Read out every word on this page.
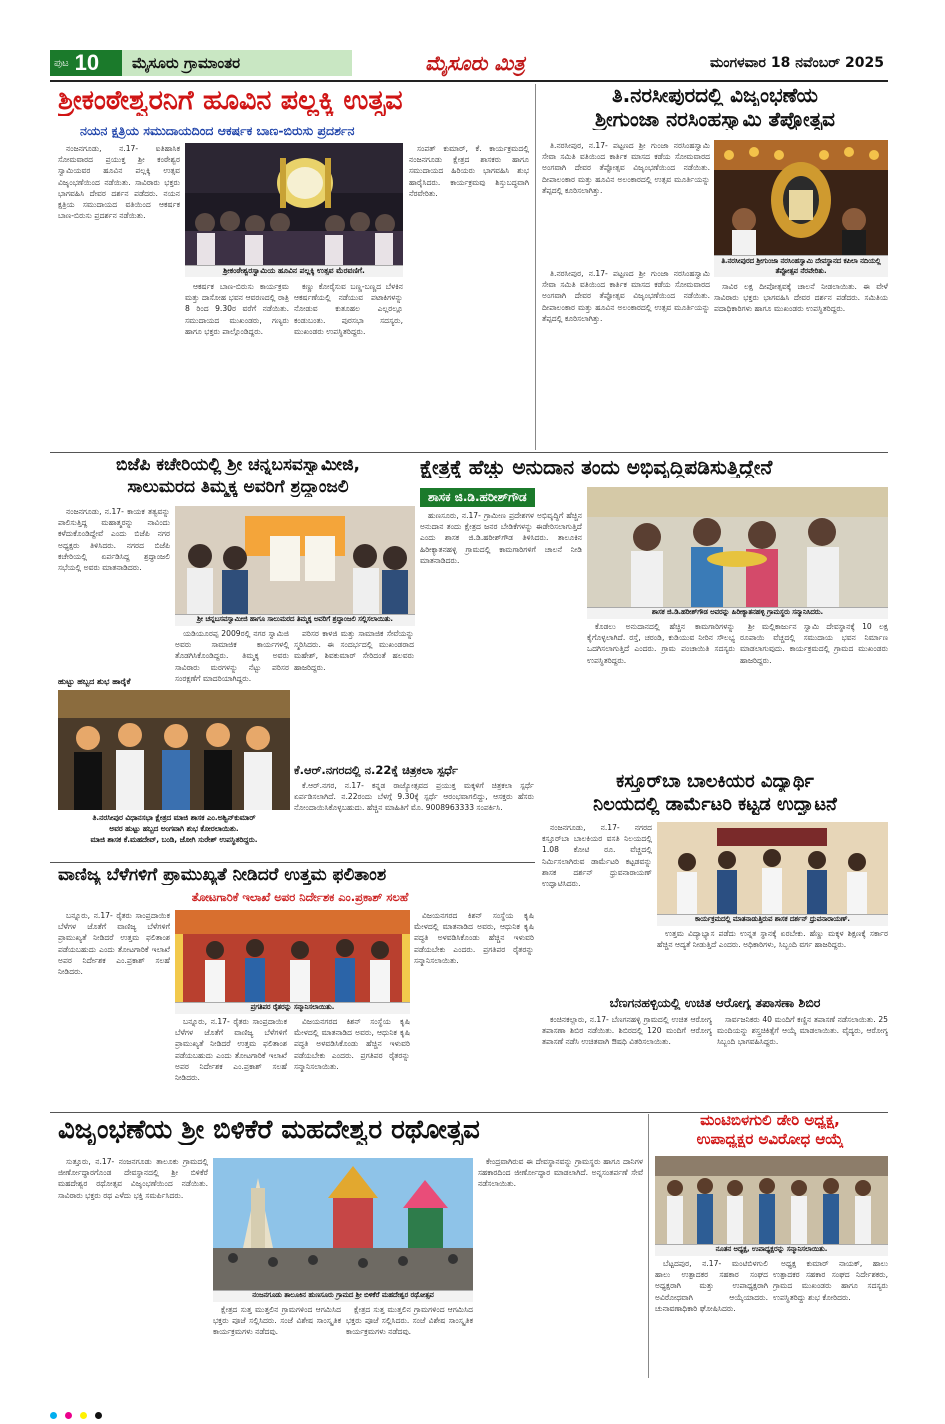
ಪುಟ 10	ಮೈಸೂರು ಗ್ರಾಮಾಂತರ	ಮೈಸೂರು ಮಿತ್ರ	ಮಂಗಳವಾರ 18 ನವೆಂಬರ್ 2025
ಶ್ರೀಕಂಠೇಶ್ವರನಿಗೆ ಹೂವಿನ ಪಲ್ಲಕ್ಕಿ ಉತ್ಸವ
ನಯನ ಕ್ಷತ್ರಿಯ ಸಮುದಾಯದಿಂದ ಆಕರ್ಷಕ ಬಾಣ-ಬಿರುಸು ಪ್ರದರ್ಶನ

ನಂಜನಗೂಡು, ನ.17- ಐತಿಹಾಸಿಕ ಸೋಮವಾರದ ಪ್ರಯುಕ್ತ ಶ್ರೀ ಕಂಠೇಶ್ವರ ಸ್ವಾಮಿಯವರ ಹೂವಿನ ಪಲ್ಲಕ್ಕಿ ಉತ್ಸವ ವಿಜೃಂಭಣೆಯಿಂದ ನಡೆಯಿತು. ಸಾವಿರಾರು ಭಕ್ತರು ಭಾಗವಹಿಸಿ ದೇವರ ದರ್ಶನ ಪಡೆದರು. ನಯನ ಕ್ಷತ್ರಿಯ ಸಮುದಾಯದ ವತಿಯಿಂದ ಆಕರ್ಷಕ ಬಾಣ-ಬಿರುಸು ಪ್ರದರ್ಶನ ನಡೆಯಿತು.

ಶ್ರೀಕಂಠೇಶ್ವರಸ್ವಾಮಿಯ ಹೂವಿನ ಪಲ್ಲಕ್ಕಿ ಉತ್ಸವ ಮೆರವಣಿಗೆ.

ಆಕರ್ಷಕ ಬಾಣ-ಬಿರುಸು ಕಾರ್ಯಕ್ರಮ ಮತ್ತು ದಾಸೋಹ ಭವನ ಆವರಣದಲ್ಲಿ ರಾತ್ರಿ 8 ರಿಂದ 9.30ರ ವರೆಗೆ ನಡೆಯಿತು. ಸಮುದಾಯದ ಮುಖಂಡರು, ಗಣ್ಯರು ಹಾಗೂ ಭಕ್ತರು ಪಾಲ್ಗೊಂಡಿದ್ದರು.

ಕಣ್ಣು ಕೋರೈಸುವ ಬಣ್ಣ-ಬಣ್ಣದ ಬೆಳಕಿನ ಆಕರ್ಷಣೆಯಲ್ಲಿ ನಡೆಯುವ ಪಟಾಕಿಗಳನ್ನು ನೋಡುವ ಕುತೂಹಲ ಎಲ್ಲರಲ್ಲೂ ಕಂಡುಬಂತು. ಪುರಸಭಾ ಸದಸ್ಯರು, ಮುಖಂಡರು ಉಪಸ್ಥಿತರಿದ್ದರು.

ಸಂಪತ್ ಕುಮಾರ್, ಕೆ. ಕಾರ್ಯಕ್ರಮದಲ್ಲಿ ನಂಜನಗೂಡು ಕ್ಷೇತ್ರದ ಶಾಸಕರು ಹಾಗೂ ಸಮುದಾಯದ ಹಿರಿಯರು ಭಾಗವಹಿಸಿ ಶುಭ ಹಾರೈಸಿದರು. ಕಾರ್ಯಕ್ರಮವು ಶಿಸ್ತುಬದ್ಧವಾಗಿ ನೆರವೇರಿತು.

ತಿ.ನರಸೀಪುರದಲ್ಲಿ ವಿಜೃಂಭಣೆಯ
ಶ್ರೀಗುಂಜಾ ನರಸಿಂಹಸ್ವಾಮಿ ತೆಪ್ಪೋತ್ಸವ

ತಿ.ನರಸೀಪುರ, ನ.17- ಪಟ್ಟಣದ ಶ್ರೀ ಗುಂಜಾ ನರಸಿಂಹಸ್ವಾಮಿ ಸೇವಾ ಸಮಿತಿ ವತಿಯಿಂದ ಕಾರ್ತಿಕ ಮಾಸದ ಕಡೆಯ ಸೋಮವಾರದ ಅಂಗವಾಗಿ ದೇವರ ತೆಪ್ಪೋತ್ಸವ ವಿಜೃಂಭಣೆಯಿಂದ ನಡೆಯಿತು. ದೀಪಾಲಂಕಾರ ಮತ್ತು ಹೂವಿನ ಅಲಂಕಾರದಲ್ಲಿ ಉತ್ಸವ ಮೂರ್ತಿಯನ್ನು ತೆಪ್ಪದಲ್ಲಿ ಕೂರಿಸಲಾಗಿತ್ತು.

ತಿ.ನರಸೀಪುರದ ಶ್ರೀಗುಂಜಾ ನರಸಿಂಹಸ್ವಾಮಿ ದೇವಸ್ಥಾನದ ಕಪಿಲಾ ನದಿಯಲ್ಲಿ ತೆಪ್ಪೋತ್ಸವ ನೆರವೇರಿತು.

ತಿ.ನರಸೀಪುರ, ನ.17- ಪಟ್ಟಣದ ಶ್ರೀ ಗುಂಜಾ ನರಸಿಂಹಸ್ವಾಮಿ ಸೇವಾ ಸಮಿತಿ ವತಿಯಿಂದ ಕಾರ್ತಿಕ ಮಾಸದ ಕಡೆಯ ಸೋಮವಾರದ ಅಂಗವಾಗಿ ದೇವರ ತೆಪ್ಪೋತ್ಸವ ವಿಜೃಂಭಣೆಯಿಂದ ನಡೆಯಿತು. ದೀಪಾಲಂಕಾರ ಮತ್ತು ಹೂವಿನ ಅಲಂಕಾರದಲ್ಲಿ ಉತ್ಸವ ಮೂರ್ತಿಯನ್ನು ತೆಪ್ಪದಲ್ಲಿ ಕೂರಿಸಲಾಗಿತ್ತು.

ಸಾವಿರ ಲಕ್ಷ ದೀಪೋತ್ಸವಕ್ಕೆ ಚಾಲನೆ ನೀಡಲಾಯಿತು. ಈ ವೇಳೆ ಸಾವಿರಾರು ಭಕ್ತರು ಭಾಗವಹಿಸಿ ದೇವರ ದರ್ಶನ ಪಡೆದರು. ಸಮಿತಿಯ ಪದಾಧಿಕಾರಿಗಳು ಹಾಗೂ ಮುಖಂಡರು ಉಪಸ್ಥಿತರಿದ್ದರು.

ಬಿಜೆಪಿ ಕಚೇರಿಯಲ್ಲಿ ಶ್ರೀ ಚನ್ನಬಸವಸ್ವಾಮೀಜಿ,
ಸಾಲುಮರದ ತಿಮ್ಮಕ್ಕ ಅವರಿಗೆ ಶ್ರದ್ಧಾಂಜಲಿ

ನಂಜನಗೂಡು, ನ.17- ಕಾಯಕ ತತ್ವವನ್ನು ಪಾಲಿಸುತ್ತಿದ್ದ ಮಹಾತ್ಮರನ್ನು ನಾವಿಂದು ಕಳೆದುಕೊಂಡಿದ್ದೇವೆ ಎಂದು ಬಿಜೆಪಿ ನಗರ ಅಧ್ಯಕ್ಷರು ತಿಳಿಸಿದರು. ನಗರದ ಬಿಜೆಪಿ ಕಚೇರಿಯಲ್ಲಿ ಏರ್ಪಡಿಸಿದ್ದ ಶ್ರದ್ಧಾಂಜಲಿ ಸಭೆಯಲ್ಲಿ ಅವರು ಮಾತನಾಡಿದರು.

ಶ್ರೀ ಚನ್ನಬಸವಸ್ವಾಮೀಜಿ ಹಾಗೂ ಸಾಲುಮರದ ತಿಮ್ಮಕ್ಕ ಅವರಿಗೆ ಶ್ರದ್ಧಾಂಜಲಿ ಸಲ್ಲಿಸಲಾಯಿತು.

ಯಡಿಯೂರಪ್ಪ 2009ರಲ್ಲಿ ನಗರ ಸ್ವಾಮಿಜಿ ಅವರು ಸಾಮಾಜಿಕ ಕಾರ್ಯಗಳಲ್ಲಿ ತೊಡಗಿಸಿಕೊಂಡಿದ್ದರು. ತಿಮ್ಮಕ್ಕ ಅವರು ಸಾವಿರಾರು ಮರಗಳನ್ನು ನೆಟ್ಟು ಪರಿಸರ ಸಂರಕ್ಷಣೆಗೆ ಮಾದರಿಯಾಗಿದ್ದರು.

ಪರಿಸರ ಕಾಳಜಿ ಮತ್ತು ಸಾಮಾಜಿಕ ಸೇವೆಯನ್ನು ಸ್ಮರಿಸಿದರು. ಈ ಸಂದರ್ಭದಲ್ಲಿ ಮುಖಂಡರಾದ ಮಹೇಶ್, ಶಿವಕುಮಾರ್ ಸೇರಿದಂತೆ ಹಲವರು ಹಾಜರಿದ್ದರು.

ಕ್ಷೇತ್ರಕ್ಕೆ ಹೆಚ್ಚು ಅನುದಾನ ತಂದು ಅಭಿವೃದ್ಧಿಪಡಿಸುತ್ತಿದ್ದೇನೆ
ಶಾಸಕ ಜಿ.ಡಿ.ಹರೀಶ್‌ಗೌಡ

ಹುಣಸೂರು, ನ.17- ಗ್ರಾಮೀಣ ಪ್ರದೇಶಗಳ ಅಭಿವೃದ್ಧಿಗೆ ಹೆಚ್ಚಿನ ಅನುದಾನ ತಂದು ಕ್ಷೇತ್ರದ ಜನರ ಬೇಡಿಕೆಗಳನ್ನು ಈಡೇರಿಸಲಾಗುತ್ತಿದೆ ಎಂದು ಶಾಸಕ ಜಿ.ಡಿ.ಹರೀಶ್‌ಗೌಡ ತಿಳಿಸಿದರು. ತಾಲೂಕಿನ ಹಿರೀಕ್ಯಾತನಹಳ್ಳಿ ಗ್ರಾಮದಲ್ಲಿ ಕಾಮಗಾರಿಗಳಿಗೆ ಚಾಲನೆ ನೀಡಿ ಮಾತನಾಡಿದರು.

ಶಾಸಕ ಜಿ.ಡಿ.ಹರೀಶ್‌ಗೌಡ ಅವರನ್ನು ಹಿರೀಕ್ಯಾತನಹಳ್ಳಿ ಗ್ರಾಮಸ್ಥರು ಸನ್ಮಾನಿಸಿದರು.

ಕೊಡಲು ಅನುದಾನದಲ್ಲಿ ಹೆಚ್ಚಿನ ಕಾಮಗಾರಿಗಳನ್ನು ಕೈಗೊಳ್ಳಲಾಗಿದೆ. ರಸ್ತೆ, ಚರಂಡಿ, ಕುಡಿಯುವ ನೀರಿನ ಸೌಲಭ್ಯ ಒದಗಿಸಲಾಗುತ್ತಿದೆ ಎಂದರು. ಗ್ರಾಮ ಪಂಚಾಯಿತಿ ಸದಸ್ಯರು ಉಪಸ್ಥಿತರಿದ್ದರು.

ಶ್ರೀ ಮಲ್ಲಿಕಾರ್ಜುನ ಸ್ವಾಮಿ ದೇವಸ್ಥಾನಕ್ಕೆ 10 ಲಕ್ಷ ರೂಪಾಯಿ ವೆಚ್ಚದಲ್ಲಿ ಸಮುದಾಯ ಭವನ ನಿರ್ಮಾಣ ಮಾಡಲಾಗುವುದು. ಕಾರ್ಯಕ್ರಮದಲ್ಲಿ ಗ್ರಾಮದ ಮುಖಂಡರು ಹಾಜರಿದ್ದರು.

ಹುಟ್ಟು ಹಬ್ಬದ ಶುಭ ಹಾರೈಕೆ
ತಿ.ನರಸೀಪುರ ವಿಧಾನಸಭಾ ಕ್ಷೇತ್ರದ ಮಾಜಿ ಶಾಸಕ ಎಂ.ಅಶ್ವಿನ್‌ಕುಮಾರ್
ಅವರ ಹುಟ್ಟು ಹಬ್ಬದ ಅಂಗವಾಗಿ ಶುಭ ಕೋರಲಾಯಿತು.
ಮಾಜಿ ಶಾಸಕ ಕೆ.ಮಹದೇವ್, ಬಂಡಿ, ಜೋಗಿ ಸುರೇಶ್ ಉಪಸ್ಥಿತರಿದ್ದರು.
ಕೆ.ಆರ್.ನಗರದಲ್ಲಿ ನ.22ಕ್ಕೆ ಚಿತ್ರಕಲಾ ಸ್ಪರ್ಧೆ

ಕೆ.ಆರ್.ನಗರ, ನ.17- ಕನ್ನಡ ರಾಜ್ಯೋತ್ಸವದ ಪ್ರಯುಕ್ತ ಮಕ್ಕಳಿಗೆ ಚಿತ್ರಕಲಾ ಸ್ಪರ್ಧೆ ಏರ್ಪಡಿಸಲಾಗಿದೆ. ನ.22ರಂದು ಬೆಳಗ್ಗೆ 9.30ಕ್ಕೆ ಸ್ಪರ್ಧೆ ಆರಂಭವಾಗಲಿದ್ದು, ಆಸಕ್ತರು ಹೆಸರು ನೋಂದಾಯಿಸಿಕೊಳ್ಳಬಹುದು. ಹೆಚ್ಚಿನ ಮಾಹಿತಿಗೆ ಮೊ. 9008963333 ಸಂಪರ್ಕಿಸಿ.

ಕಸ್ತೂರ್‌ಬಾ ಬಾಲಕಿಯರ ವಿದ್ಯಾರ್ಥಿ
ನಿಲಯದಲ್ಲಿ ಡಾರ್ಮೆಟರಿ ಕಟ್ಟಡ ಉದ್ಘಾಟನೆ

ನಂಜನಗೂಡು, ನ.17- ನಗರದ ಕಸ್ತೂರ್‌ಬಾ ಬಾಲಕಿಯರ ವಸತಿ ನಿಲಯದಲ್ಲಿ 1.08 ಕೋಟಿ ರೂ. ವೆಚ್ಚದಲ್ಲಿ ನಿರ್ಮಿಸಲಾಗಿರುವ ಡಾರ್ಮೆಟರಿ ಕಟ್ಟಡವನ್ನು ಶಾಸಕ ದರ್ಶನ್ ಧ್ರುವನಾರಾಯಣ್ ಉದ್ಘಾಟಿಸಿದರು.

ಕಾರ್ಯಕ್ರಮದಲ್ಲಿ ಮಾತನಾಡುತ್ತಿರುವ ಶಾಸಕ ದರ್ಶನ್ ಧ್ರುವನಾರಾಯಣ್.

ಉತ್ತಮ ವಿದ್ಯಾಭ್ಯಾಸ ಪಡೆದು ಉನ್ನತ ಸ್ಥಾನಕ್ಕೆ ಏರಬೇಕು. ಹೆಣ್ಣು ಮಕ್ಕಳ ಶಿಕ್ಷಣಕ್ಕೆ ಸರ್ಕಾರ ಹೆಚ್ಚಿನ ಆದ್ಯತೆ ನೀಡುತ್ತಿದೆ ಎಂದರು. ಅಧಿಕಾರಿಗಳು, ಸಿಬ್ಬಂದಿ ವರ್ಗ ಹಾಜರಿದ್ದರು.

ವಾಣಿಜ್ಯ ಬೆಳೆಗಳಿಗೆ ಪ್ರಾಮುಖ್ಯತೆ ನೀಡಿದರೆ ಉತ್ತಮ ಫಲಿತಾಂಶ
ತೋಟಗಾರಿಕೆ ಇಲಾಖೆ ಅಪರ ನಿರ್ದೇಶಕ ಎಂ.ಪ್ರಕಾಶ್ ಸಲಹೆ

ಬನ್ನೂರು, ನ.17- ರೈತರು ಸಾಂಪ್ರದಾಯಿಕ ಬೆಳೆಗಳ ಜೊತೆಗೆ ವಾಣಿಜ್ಯ ಬೆಳೆಗಳಿಗೆ ಪ್ರಾಮುಖ್ಯತೆ ನೀಡಿದರೆ ಉತ್ತಮ ಫಲಿತಾಂಶ ಪಡೆಯಬಹುದು ಎಂದು ತೋಟಗಾರಿಕೆ ಇಲಾಖೆ ಅಪರ ನಿರ್ದೇಶಕ ಎಂ.ಪ್ರಕಾಶ್ ಸಲಹೆ ನೀಡಿದರು.

ಪ್ರಗತಿಪರ ರೈತರನ್ನು ಸನ್ಮಾನಿಸಲಾಯಿತು.

ಬನ್ನೂರು, ನ.17- ರೈತರು ಸಾಂಪ್ರದಾಯಿಕ ಬೆಳೆಗಳ ಜೊತೆಗೆ ವಾಣಿಜ್ಯ ಬೆಳೆಗಳಿಗೆ ಪ್ರಾಮುಖ್ಯತೆ ನೀಡಿದರೆ ಉತ್ತಮ ಫಲಿತಾಂಶ ಪಡೆಯಬಹುದು ಎಂದು ತೋಟಗಾರಿಕೆ ಇಲಾಖೆ ಅಪರ ನಿರ್ದೇಶಕ ಎಂ.ಪ್ರಕಾಶ್ ಸಲಹೆ ನೀಡಿದರು.

ವಿಜಯನಗರದ ಕಿಶನ್ ಸಂಸ್ಥೆಯ ಕೃಷಿ ಮೇಳದಲ್ಲಿ ಮಾತನಾಡಿದ ಅವರು, ಆಧುನಿಕ ಕೃಷಿ ಪದ್ಧತಿ ಅಳವಡಿಸಿಕೊಂಡು ಹೆಚ್ಚಿನ ಇಳುವರಿ ಪಡೆಯಬೇಕು ಎಂದರು. ಪ್ರಗತಿಪರ ರೈತರನ್ನು ಸನ್ಮಾನಿಸಲಾಯಿತು.

ವಿಜಯನಗರದ ಕಿಶನ್ ಸಂಸ್ಥೆಯ ಕೃಷಿ ಮೇಳದಲ್ಲಿ ಮಾತನಾಡಿದ ಅವರು, ಆಧುನಿಕ ಕೃಷಿ ಪದ್ಧತಿ ಅಳವಡಿಸಿಕೊಂಡು ಹೆಚ್ಚಿನ ಇಳುವರಿ ಪಡೆಯಬೇಕು ಎಂದರು. ಪ್ರಗತಿಪರ ರೈತರನ್ನು ಸನ್ಮಾನಿಸಲಾಯಿತು.

ಬೆಣಗನಹಳ್ಳಿಯಲ್ಲಿ ಉಚಿತ ಆರೋಗ್ಯ ತಪಾಸಣಾ ಶಿಬಿರ

ಕಂಚಿನಕಲ್ಲಾರು, ನ.17- ಬೆಣಗನಹಳ್ಳಿ ಗ್ರಾಮದಲ್ಲಿ ಉಚಿತ ಆರೋಗ್ಯ ತಪಾಸಣಾ ಶಿಬಿರ ನಡೆಯಿತು. ಶಿಬಿರದಲ್ಲಿ 120 ಮಂದಿಗೆ ಆರೋಗ್ಯ ತಪಾಸಣೆ ನಡೆಸಿ ಉಚಿತವಾಗಿ ಔಷಧಿ ವಿತರಿಸಲಾಯಿತು.

ಸಾರ್ವಜನಿಕರು 40 ಮಂದಿಗೆ ಕಣ್ಣಿನ ತಪಾಸಣೆ ನಡೆಸಲಾಯಿತು. 25 ಮಂದಿಯನ್ನು ಶಸ್ತ್ರಚಿಕಿತ್ಸೆಗೆ ಆಯ್ಕೆ ಮಾಡಲಾಯಿತು. ವೈದ್ಯರು, ಆರೋಗ್ಯ ಸಿಬ್ಬಂದಿ ಭಾಗವಹಿಸಿದ್ದರು.

ವಿಜೃಂಭಣೆಯ ಶ್ರೀ ಬಿಳಿಕೆರೆ ಮಹದೇಶ್ವರ ರಥೋತ್ಸವ

ಸುತ್ತೂರು, ನ.17- ನಂಜನಗೂಡು ತಾಲೂಕು ಗ್ರಾಮದಲ್ಲಿ ಜೀರ್ಣೋದ್ಧಾರಗೊಂಡ ದೇವಸ್ಥಾನದಲ್ಲಿ ಶ್ರೀ ಬಿಳಿಕೆರೆ ಮಹದೇಶ್ವರ ರಥೋತ್ಸವ ವಿಜೃಂಭಣೆಯಿಂದ ನಡೆಯಿತು. ಸಾವಿರಾರು ಭಕ್ತರು ರಥ ಎಳೆದು ಭಕ್ತಿ ಸಮರ್ಪಿಸಿದರು.

ನಂಜನಗೂಡು ತಾಲೂಕಿನ ಹುಣಸೂರು ಗ್ರಾಮದ ಶ್ರೀ ಬಿಳಿಕೆರೆ ಮಹದೇಶ್ವರ ರಥೋತ್ಸವ

ಕ್ಷೇತ್ರದ ಸುತ್ತ ಮುತ್ತಲಿನ ಗ್ರಾಮಗಳಿಂದ ಆಗಮಿಸಿದ ಭಕ್ತರು ಪೂಜೆ ಸಲ್ಲಿಸಿದರು. ಸಂಜೆ ವಿಶೇಷ ಸಾಂಸ್ಕೃತಿಕ ಕಾರ್ಯಕ್ರಮಗಳು ನಡೆದವು.

ಕ್ಷೇತ್ರದ ಸುತ್ತ ಮುತ್ತಲಿನ ಗ್ರಾಮಗಳಿಂದ ಆಗಮಿಸಿದ ಭಕ್ತರು ಪೂಜೆ ಸಲ್ಲಿಸಿದರು. ಸಂಜೆ ವಿಶೇಷ ಸಾಂಸ್ಕೃತಿಕ ಕಾರ್ಯಕ್ರಮಗಳು ನಡೆದವು.

ಕೇಂದ್ರವಾಗಿರುವ ಈ ದೇವಸ್ಥಾನವನ್ನು ಗ್ರಾಮಸ್ಥರು ಹಾಗೂ ದಾನಿಗಳ ಸಹಕಾರದಿಂದ ಜೀರ್ಣೋದ್ಧಾರ ಮಾಡಲಾಗಿದೆ. ಅನ್ನಸಂತರ್ಪಣೆ ಸೇವೆ ನಡೆಸಲಾಯಿತು.

ಮಂಟಿಬಿಳಗುಲಿ ಡೇರಿ ಅಧ್ಯಕ್ಷ,
ಉಪಾಧ್ಯಕ್ಷರ ಅವಿರೋಧ ಆಯ್ಕೆ
ನೂತನ ಅಧ್ಯಕ್ಷ, ಉಪಾಧ್ಯಕ್ಷರನ್ನು ಸನ್ಮಾನಿಸಲಾಯಿತು.

ಬೆಟ್ಟದಪುರ, ನ.17- ಮಂಟಿಬಿಳಗುಲಿ ಹಾಲು ಉತ್ಪಾದಕರ ಸಹಕಾರ ಸಂಘದ ಅಧ್ಯಕ್ಷರಾಗಿ ಮತ್ತು ಉಪಾಧ್ಯಕ್ಷರಾಗಿ ಅವಿರೋಧವಾಗಿ ಆಯ್ಕೆಯಾದರು. ಚುನಾವಣಾಧಿಕಾರಿ ಘೋಷಿಸಿದರು.

ಅಧ್ಯಕ್ಷ ಕುಮಾರ್ ನಾಯಕ್, ಹಾಲು ಉತ್ಪಾದಕರ ಸಹಕಾರ ಸಂಘದ ನಿರ್ದೇಶಕರು, ಗ್ರಾಮದ ಮುಖಂಡರು ಹಾಗೂ ಸದಸ್ಯರು ಉಪಸ್ಥಿತರಿದ್ದು ಶುಭ ಕೋರಿದರು.
